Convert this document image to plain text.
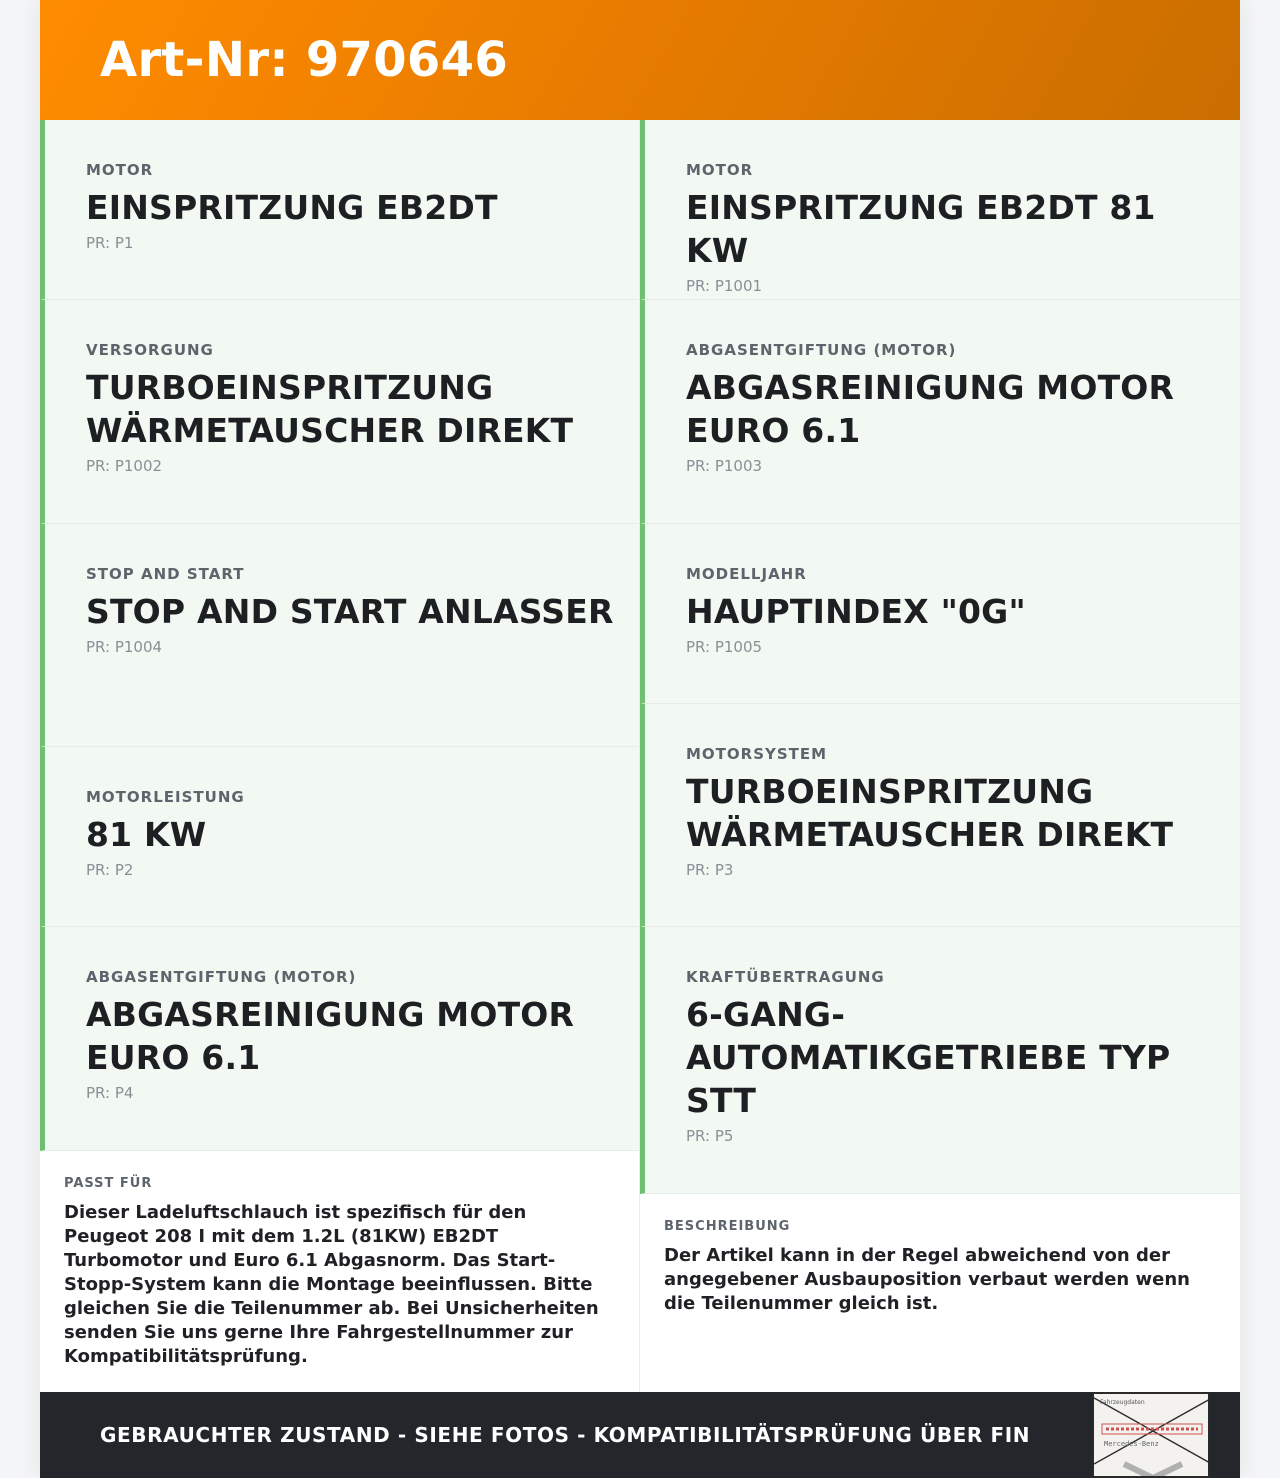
Art-Nr: 970646
MOTOR
EINSPRITZUNG EB2DT
PR: P1
VERSORGUNG
TURBOEINSPRITZUNG WÄRMETAUSCHER DIREKT
PR: P1002
STOP AND START
STOP AND START ANLASSER
PR: P1004
MOTORLEISTUNG
81 KW
PR: P2
ABGASENTGIFTUNG (MOTOR)
ABGASREINIGUNG MOTOR EURO 6.1
PR: P4
PASST FÜR
Dieser Ladeluftschlauch ist spezifisch für den Peugeot 208 I mit dem 1.2L (81KW) EB2DT Turbomotor und Euro 6.1 Abgasnorm. Das Start-Stopp-System kann die Montage beeinflussen. Bitte gleichen Sie die Teilenummer ab. Bei Unsicherheiten senden Sie uns gerne Ihre Fahrgestellnummer zur Kompatibilitätsprüfung.
MOTOR
EINSPRITZUNG EB2DT 81 KW
PR: P1001
ABGASENTGIFTUNG (MOTOR)
ABGASREINIGUNG MOTOR EURO 6.1
PR: P1003
MODELLJAHR
HAUPTINDEX "0G"
PR: P1005
MOTORSYSTEM
TURBOEINSPRITZUNG WÄRMETAUSCHER DIREKT
PR: P3
KRAFTÜBERTRAGUNG
6-GANG-AUTOMATIKGETRIEBE TYP STT
PR: P5
BESCHREIBUNG
Der Artikel kann in der Regel abweichend von der angegebener Ausbauposition verbaut werden wenn die Teilenummer gleich ist.
GEBRAUCHTER ZUSTAND - SIEHE FOTOS - KOMPATIBILITÄTSPRÜFUNG ÜBER FIN
Fahrzeugdaten
Mercedes-Benz
